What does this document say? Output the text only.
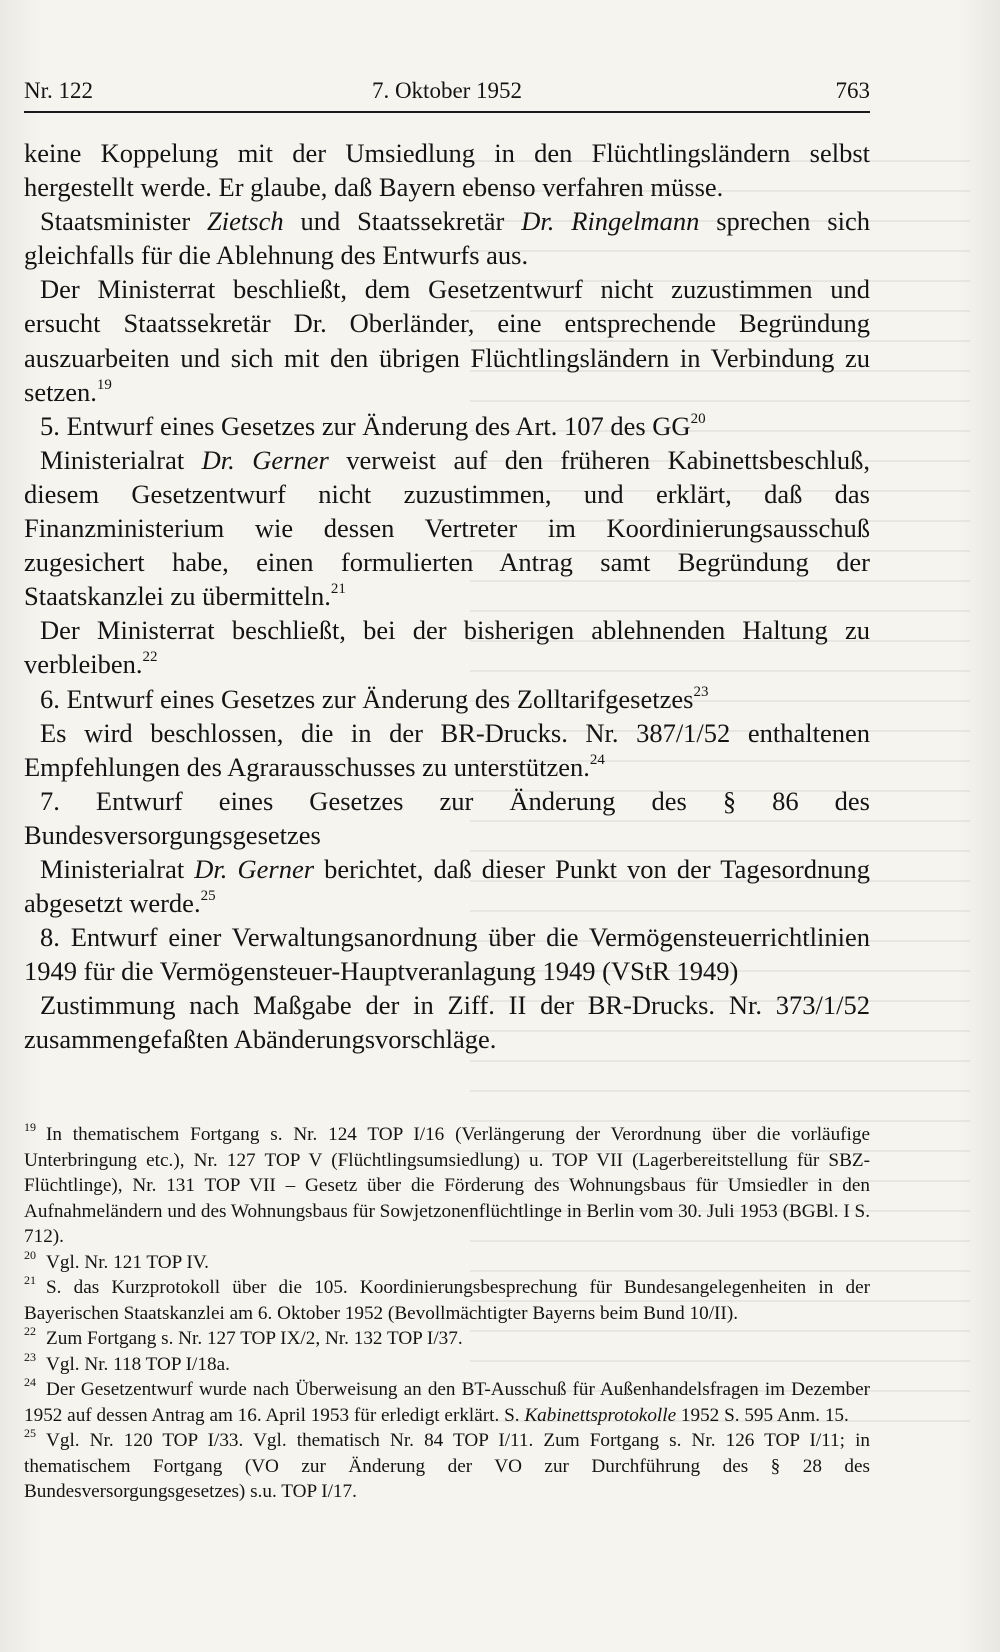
Nr. 122	7. Oktober 1952	763

keine Koppelung mit der Umsiedlung in den Flüchtlingsländern selbst hergestellt werde. Er glaube, daß Bayern ebenso verfahren müsse.

Staatsminister Zietsch und Staatssekretär Dr. Ringelmann sprechen sich gleichfalls für die Ablehnung des Entwurfs aus.

Der Ministerrat beschließt, dem Gesetzentwurf nicht zuzustimmen und ersucht Staatssekretär Dr. Oberländer, eine entsprechende Begründung auszuarbeiten und sich mit den übrigen Flüchtlingsländern in Verbindung zu setzen.$^{19}$

5. Entwurf eines Gesetzes zur Änderung des Art. 107 des GG$^{20}$

Ministerialrat Dr. Gerner verweist auf den früheren Kabinettsbeschluß, diesem Gesetzentwurf nicht zuzustimmen, und erklärt, daß das Finanzministerium wie dessen Vertreter im Koordinierungsausschuß zugesichert habe, einen formulierten Antrag samt Begründung der Staatskanzlei zu übermitteln.$^{21}$

Der Ministerrat beschließt, bei der bisherigen ablehnenden Haltung zu verbleiben.$^{22}$

6. Entwurf eines Gesetzes zur Änderung des Zolltarifgesetzes$^{23}$

Es wird beschlossen, die in der BR-Drucks. Nr. 387/1/52 enthaltenen Empfehlungen des Agrarausschusses zu unterstützen.$^{24}$

7. Entwurf eines Gesetzes zur Änderung des § 86 des Bundesversorgungsgesetzes

Ministerialrat Dr. Gerner berichtet, daß dieser Punkt von der Tagesordnung abgesetzt werde.$^{25}$

8. Entwurf einer Verwaltungsanordnung über die Vermögensteuerrichtlinien 1949 für die Vermögensteuer-Hauptveranlagung 1949 (VStR 1949)

Zustimmung nach Maßgabe der in Ziff. II der BR-Drucks. Nr. 373/1/52 zusammengefaßten Abänderungsvorschläge.

$^{19}$ In thematischem Fortgang s. Nr. 124 TOP I/16 (Verlängerung der Verordnung über die vorläufige Unterbringung etc.), Nr. 127 TOP V (Flüchtlingsumsiedlung) u. TOP VII (Lagerbereitstellung für SBZ-Flüchtlinge), Nr. 131 TOP VII – Gesetz über die Förderung des Wohnungsbaus für Umsiedler in den Aufnahmeländern und des Wohnungsbaus für Sowjetzonenflüchtlinge in Berlin vom 30. Juli 1953 (BGBl. I S. 712).

$^{20}$ Vgl. Nr. 121 TOP IV.

$^{21}$ S. das Kurzprotokoll über die 105. Koordinierungsbesprechung für Bundesangelegenheiten in der Bayerischen Staatskanzlei am 6. Oktober 1952 (Bevollmächtigter Bayerns beim Bund 10/II).

$^{22}$ Zum Fortgang s. Nr. 127 TOP IX/2, Nr. 132 TOP I/37.

$^{23}$ Vgl. Nr. 118 TOP I/18a.

$^{24}$ Der Gesetzentwurf wurde nach Überweisung an den BT-Ausschuß für Außenhandelsfragen im Dezember 1952 auf dessen Antrag am 16. April 1953 für erledigt erklärt. S. Kabinettsprotokolle 1952 S. 595 Anm. 15.

$^{25}$ Vgl. Nr. 120 TOP I/33. Vgl. thematisch Nr. 84 TOP I/11. Zum Fortgang s. Nr. 126 TOP I/11; in thematischem Fortgang (VO zur Änderung der VO zur Durchführung des § 28 des Bundesversorgungsgesetzes) s.u. TOP I/17.
